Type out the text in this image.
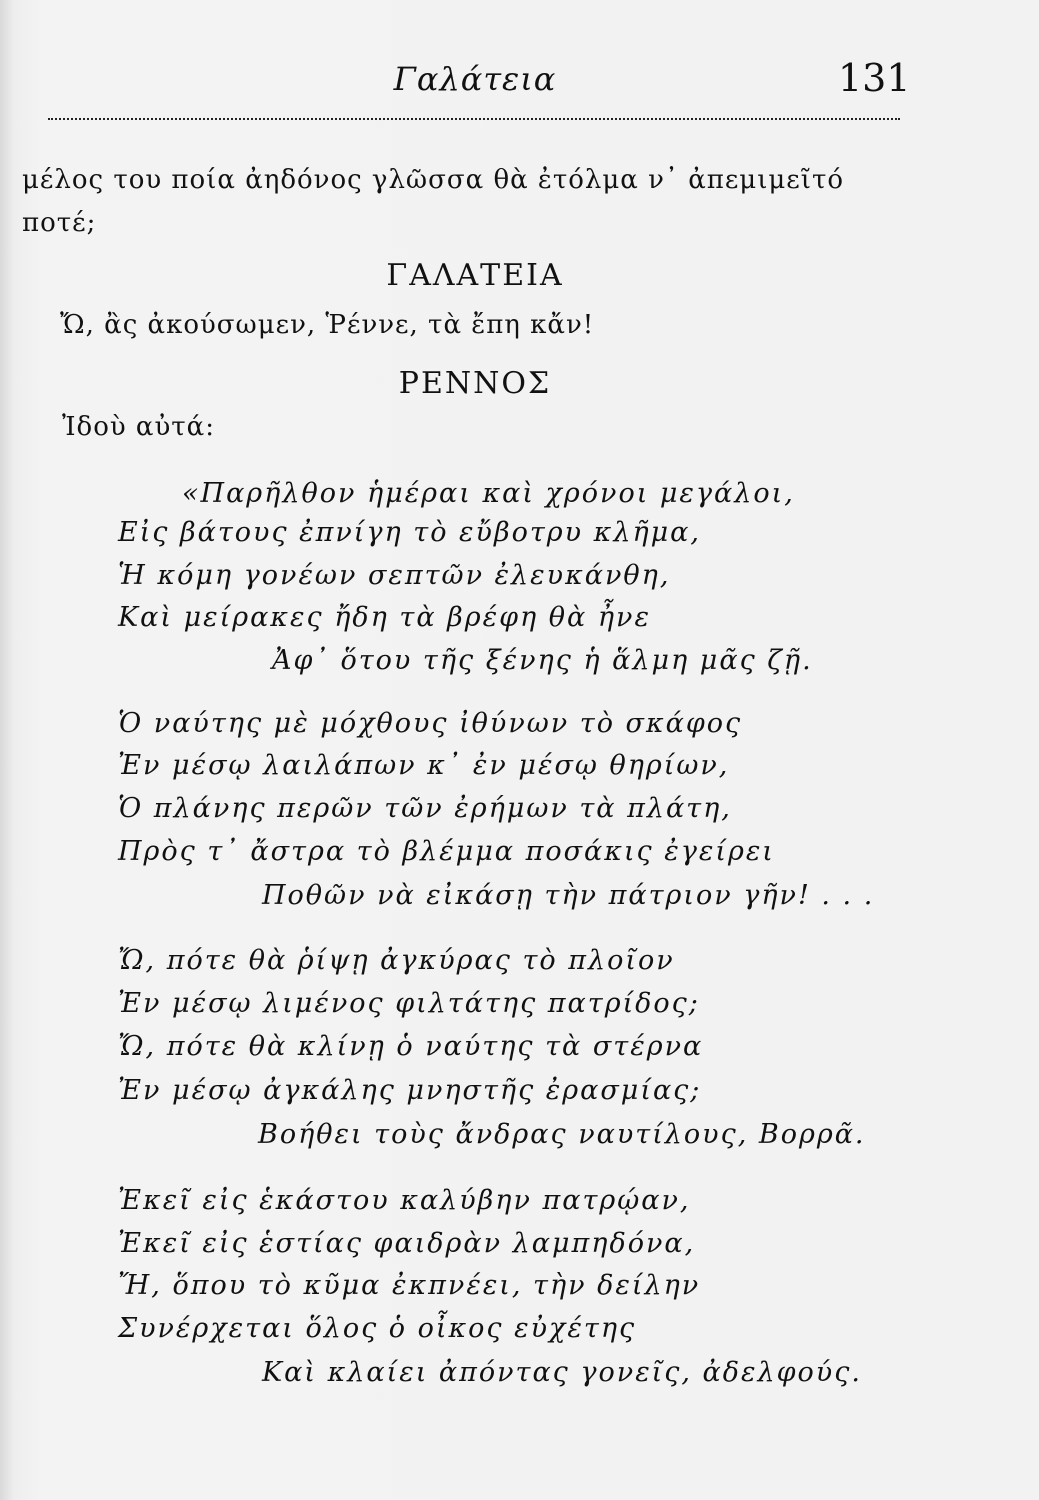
Γαλάτεια	131
μέλος του ποία ἀηδόνος γλῶσσα θὰ ἐτόλμα ν᾽ ἀπεμιμεῖτό
ποτέ;
ΓΑΛΑΤΕΙΑ
Ὤ, ἂς ἀκούσωμεν, Ῥέννε, τὰ ἔπη κἄν!
ΡΕΝΝΟΣ
Ἰδοὺ αὐτά:
«Παρῆλθον ἡμέραι καὶ χρόνοι μεγάλοι,
Εἰς βάτους ἐπνίγη τὸ εὔβοτρυ κλῆμα,
Ἡ κόμη γονέων σεπτῶν ἐλευκάνθη,
Καὶ μείρακες ἤδη τὰ βρέφη θὰ ἦνε
Ἀφ᾽ ὅτου τῆς ξένης ἡ ἅλμη μᾶς ζῇ.
Ὁ ναύτης μὲ μόχθους ἰθύνων τὸ σκάφος
Ἐν μέσῳ λαιλάπων κ᾽ ἐν μέσῳ θηρίων,
Ὁ πλάνης περῶν τῶν ἐρήμων τὰ πλάτη,
Πρὸς τ᾽ ἄστρα τὸ βλέμμα ποσάκις ἐγείρει
Ποθῶν νὰ εἰκάσῃ τὴν πάτριον γῆν! . . .
Ὤ, πότε θὰ ῥίψῃ ἀγκύρας τὸ πλοῖον
Ἐν μέσῳ λιμένος φιλτάτης πατρίδος;
Ὤ, πότε θὰ κλίνῃ ὁ ναύτης τὰ στέρνα
Ἐν μέσῳ ἀγκάλης μνηστῆς ἐρασμίας;
Βοήθει τοὺς ἄνδρας ναυτίλους, Βορρᾶ.
Ἐκεῖ εἰς ἑκάστου καλύβην πατρῴαν,
Ἐκεῖ εἰς ἑστίας φαιδρὰν λαμπηδόνα,
Ἤ, ὅπου τὸ κῦμα ἐκπνέει, τὴν δείλην
Συνέρχεται ὅλος ὁ οἶκος εὐχέτης
Καὶ κλαίει ἀπόντας γονεῖς, ἀδελφούς.
